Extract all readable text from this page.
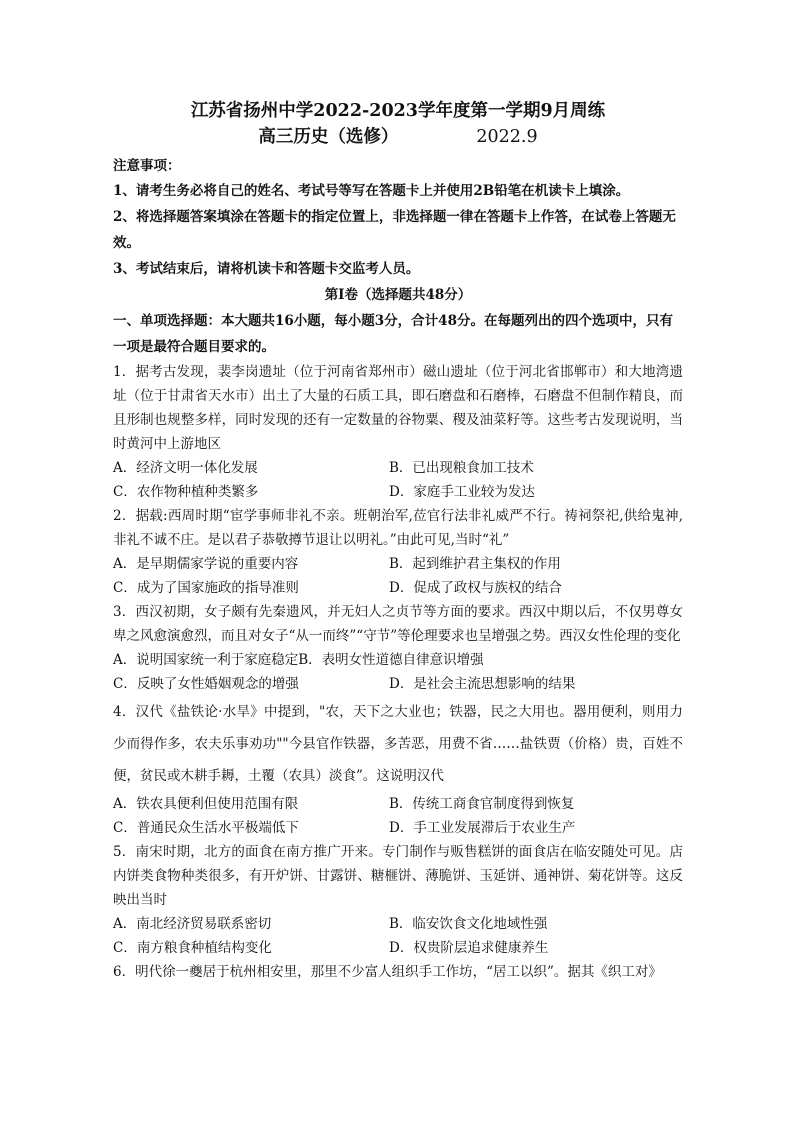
江苏省扬州中学2022-2023学年度第一学期9月周练
高三历史（选修）	2022.9
注意事项：
1、请考生务必将自己的姓名、考试号等写在答题卡上并使用2B铅笔在机读卡上填涂。
2、将选择题答案填涂在答题卡的指定位置上，非选择题一律在答题卡上作答，在试卷上答题无效。
3、考试结束后，请将机读卡和答题卡交监考人员。
第Ⅰ卷（选择题共48分）
一、单项选择题：本大题共16小题，每小题3分，合计48分。在每题列出的四个选项中，只有一项是最符合题目要求的。
1．据考古发现，裴李岗遗址（位于河南省郑州市）磁山遗址（位于河北省邯郸市）和大地湾遗址（位于甘肃省天水市）出土了大量的石质工具，即石磨盘和石磨棒，石磨盘不但制作精良，而且形制也规整多样，同时发现的还有一定数量的谷物粟、稷及油菜籽等。这些考古发现说明，当时黄河中上游地区
A．经济文明一体化发展	B．已出现粮食加工技术
C．农作物种植种类繁多	D．家庭手工业较为发达
2．据载:西周时期“宦学事师非礼不亲。班朝治军,莅官行法非礼威严不行。祷祠祭祀,供给鬼神,非礼不诚不庄。是以君子恭敬撙节退让以明礼。”由此可见,当时“礼”
A．是早期儒家学说的重要内容	B．起到维护君主集权的作用
C．成为了国家施政的指导准则	D．促成了政权与族权的结合
3．西汉初期，女子颇有先秦遗风，并无妇人之贞节等方面的要求。西汉中期以后，不仅男尊女卑之风愈演愈烈，而且对女子“从一而终”“守节”等伦理要求也呈增强之势。西汉女性伦理的变化
A．说明国家统一利于家庭稳定B．表明女性道德自律意识增强
C．反映了女性婚姻观念的增强	D．是社会主流思想影响的结果
4．汉代《盐铁论·水旱》中提到，"农，天下之大业也；铁器，民之大用也。器用便利，则用力少而得作多，农夫乐事劝功""今县官作铁器，多苦恶，用费不省……盐铁贾（价格）贵，百姓不便，贫民或木耕手耨，土覆（农具）淡食”。这说明汉代
A．铁农具便利但使用范围有限	B．传统工商食官制度得到恢复
C．普通民众生活水平极端低下	D．手工业发展滞后于农业生产
5．南宋时期，北方的面食在南方推广开来。专门制作与贩售糕饼的面食店在临安随处可见。店内饼类食物种类很多，有开炉饼、甘露饼、糖榧饼、薄脆饼、玉延饼、通神饼、菊花饼等。这反映出当时
A．南北经济贸易联系密切	B．临安饮食文化地域性强
C．南方粮食种植结构变化	D．权贵阶层追求健康养生
6．明代徐一夔居于杭州相安里，那里不少富人组织手工作坊，“居工以织”。据其《织工对》
